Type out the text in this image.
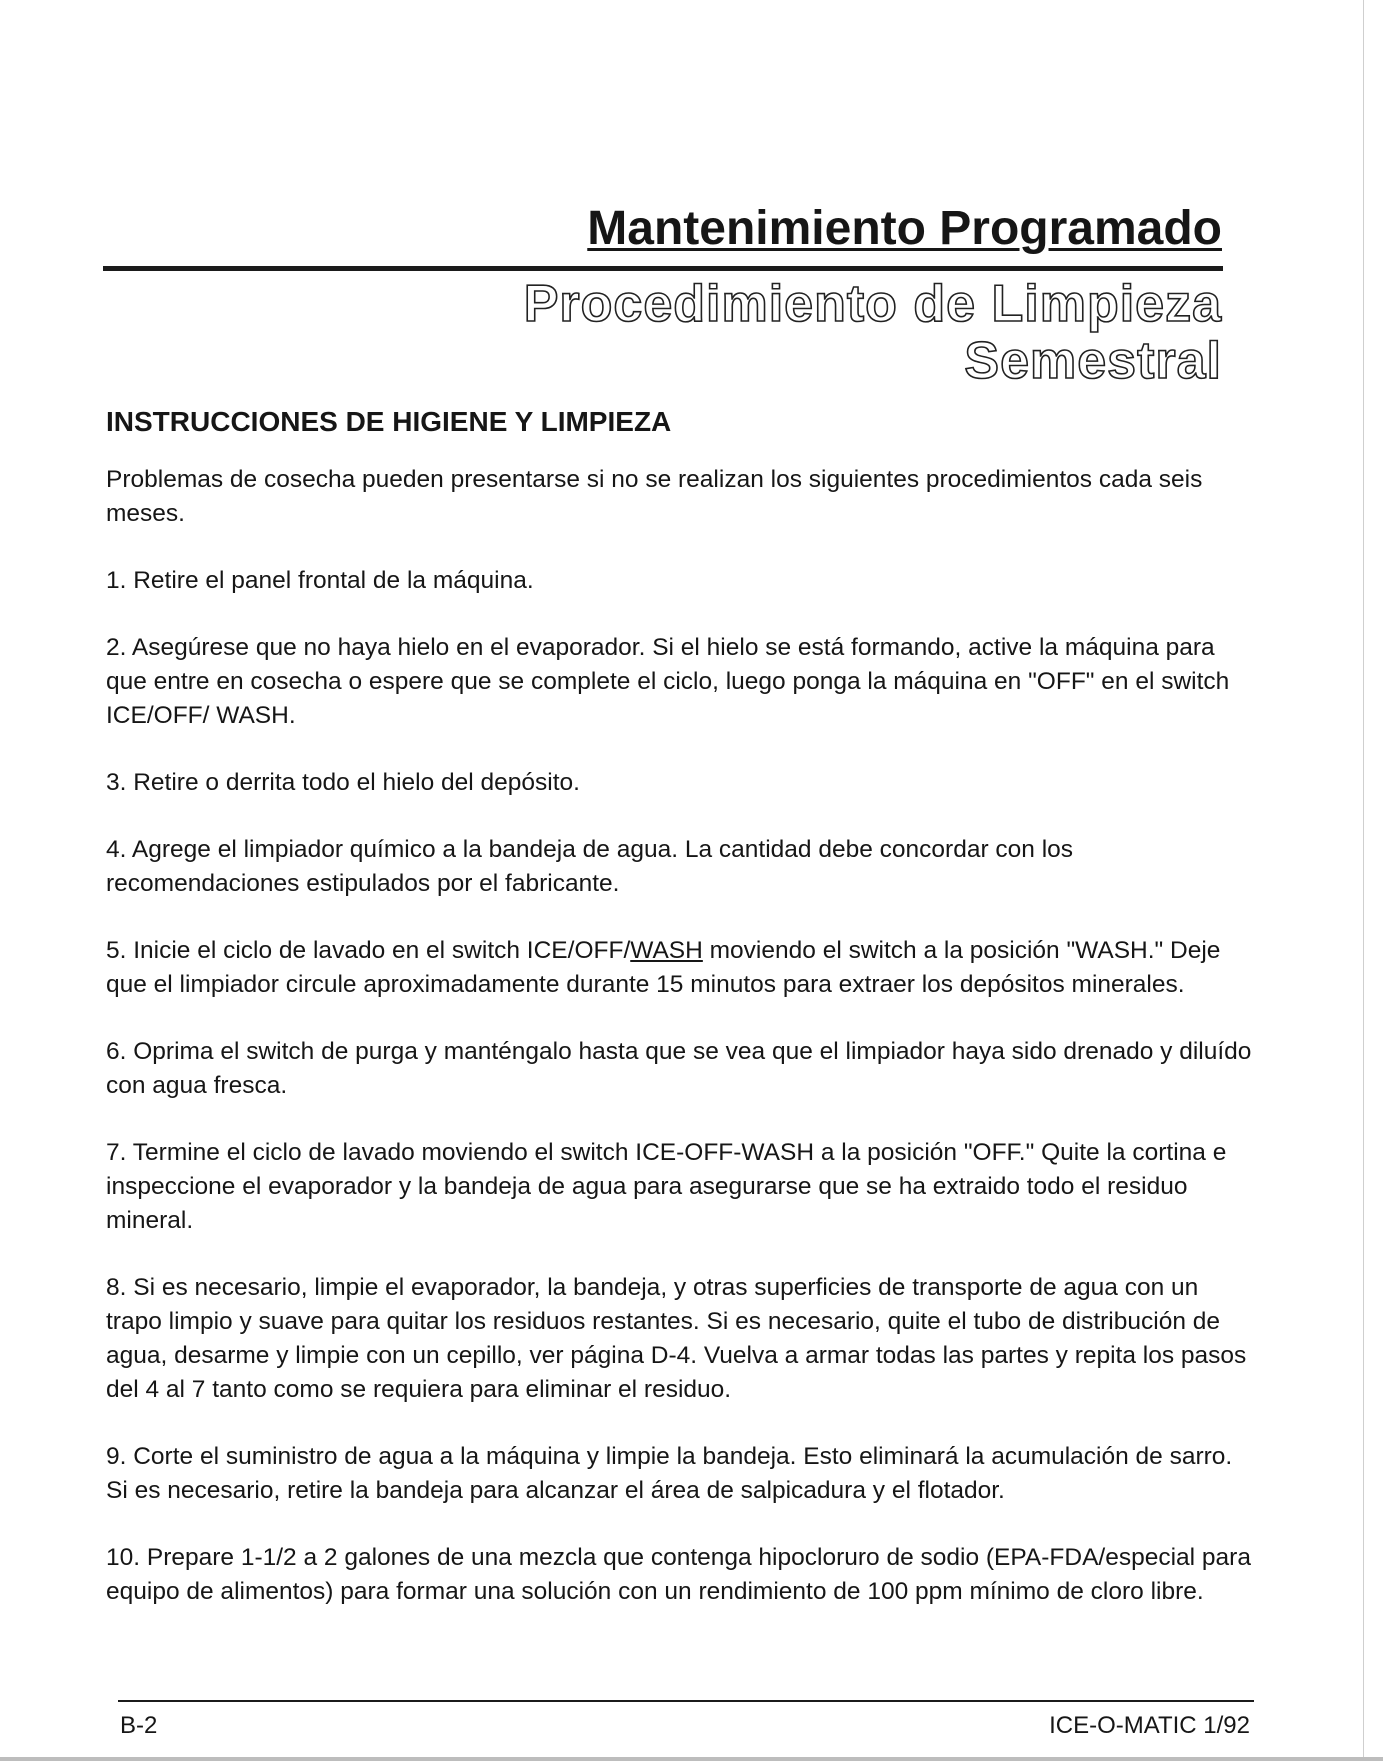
Mantenimiento Programado
Procedimiento de Limpieza Semestral
INSTRUCCIONES DE HIGIENE Y LIMPIEZA

Problemas de cosecha pueden presentarse si no se realizan los siguientes procedimientos cada seis meses.

1. Retire el panel frontal de la máquina.

2. Asegúrese que no haya hielo en el evaporador. Si el hielo se está formando, active la máquina para que entre en cosecha o espere que se complete el ciclo, luego ponga la máquina en "OFF" en el switch ICE/OFF/ WASH.

3. Retire o derrita todo el hielo del depósito.

4. Agrege el limpiador químico a la bandeja de agua. La cantidad debe concordar con los recomendaciones estipulados por el fabricante.

5. Inicie el ciclo de lavado en el switch ICE/OFF/WASH moviendo el switch a la posición "WASH." Deje que el limpiador circule aproximadamente durante 15 minutos para extraer los depósitos minerales.

6. Oprima el switch de purga y manténgalo hasta que se vea que el limpiador haya sido drenado y diluído con agua fresca.

7. Termine el ciclo de lavado moviendo el switch ICE-OFF-WASH a la posición "OFF." Quite la cortina e inspeccione el evaporador y la bandeja de agua para asegurarse que se ha extraido todo el residuo mineral.

8. Si es necesario, limpie el evaporador, la bandeja, y otras superficies de transporte de agua con un trapo limpio y suave para quitar los residuos restantes. Si es necesario, quite el tubo de distribución de agua, desarme y limpie con un cepillo, ver página D-4. Vuelva a armar todas las partes y repita los pasos del 4 al 7 tanto como se requiera para eliminar el residuo.

9. Corte el suministro de agua a la máquina y limpie la bandeja. Esto eliminará la acumulación de sarro. Si es necesario, retire la bandeja para alcanzar el área de salpicadura y el flotador.

10. Prepare 1-1/2 a 2 galones de una mezcla que contenga hipocloruro de sodio (EPA-FDA/especial para equipo de alimentos) para formar una solución con un rendimiento de 100 ppm mínimo de cloro libre.

B-2	ICE-O-MATIC 1/92
